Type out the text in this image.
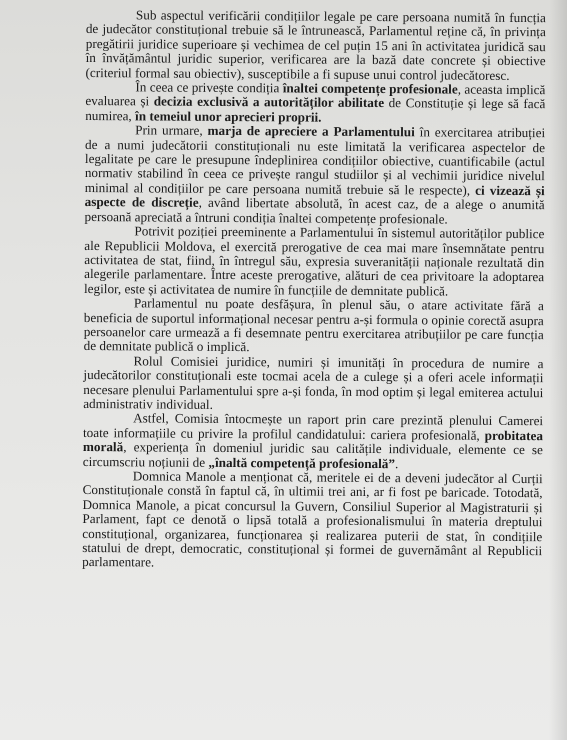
Sub aspectul verificării condițiilor legale pe care persoana numită în funcția de judecător constituțional trebuie să le întrunească, Parlamentul reține că, în privința pregătirii juridice superioare și vechimea de cel puțin 15 ani în activitatea juridică sau în învățământul juridic superior, verificarea are la bază date concrete și obiective (criteriul formal sau obiectiv), susceptibile a fi supuse unui control judecătoresc.

În ceea ce privește condiția înaltei competențe profesionale, aceasta implică evaluarea și decizia exclusivă a autorităților abilitate de Constituție și lege să facă numirea, în temeiul unor aprecieri proprii.

Prin urmare, marja de apreciere a Parlamentului în exercitarea atribuției de a numi judecătorii constituționali nu este limitată la verificarea aspectelor de legalitate pe care le presupune îndeplinirea condițiilor obiective, cuantificabile (actul normativ stabilind în ceea ce privește rangul studiilor și al vechimii juridice nivelul minimal al condițiilor pe care persoana numită trebuie să le respecte), ci vizează și aspecte de discreție, având libertate absolută, în acest caz, de a alege o anumită persoană apreciată a întruni condiția înaltei competențe profesionale.

Potrivit poziției preeminente a Parlamentului în sistemul autorităților publice ale Republicii Moldova, el exercită prerogative de cea mai mare însemnătate pentru activitatea de stat, fiind, în întregul său, expresia suveranității naționale rezultată din alegerile parlamentare. Între aceste prerogative, alături de cea privitoare la adoptarea legilor, este și activitatea de numire în funcțiile de demnitate publică.

Parlamentul nu poate desfășura, în plenul său, o atare activitate fără a beneficia de suportul informațional necesar pentru a-și formula o opinie corectă asupra persoanelor care urmează a fi desemnate pentru exercitarea atribuțiilor pe care funcția de demnitate publică o implică.

Rolul Comisiei juridice, numiri și imunități în procedura de numire a judecătorilor constituționali este tocmai acela de a culege și a oferi acele informații necesare plenului Parlamentului spre a-și fonda, în mod optim și legal emiterea actului administrativ individual.

Astfel, Comisia întocmește un raport prin care prezintă plenului Camerei toate informațiile cu privire la profilul candidatului: cariera profesională, probitatea morală, experiența în domeniul juridic sau calitățile individuale, elemente ce se circumscriu noțiunii de „înaltă competență profesională”.

Domnica Manole a menționat că, meritele ei de a deveni judecător al Curții Constituționale constă în faptul că, în ultimii trei ani, ar fi fost pe baricade. Totodată, Domnica Manole, a picat concursul la Guvern, Consiliul Superior al Magistraturii și Parlament, fapt ce denotă o lipsă totală a profesionalismului în materia dreptului constituțional, organizarea, funcționarea și realizarea puterii de stat, în condițiile statului de drept, democratic, constituțional și formei de guvernământ al Republicii parlamentare.
